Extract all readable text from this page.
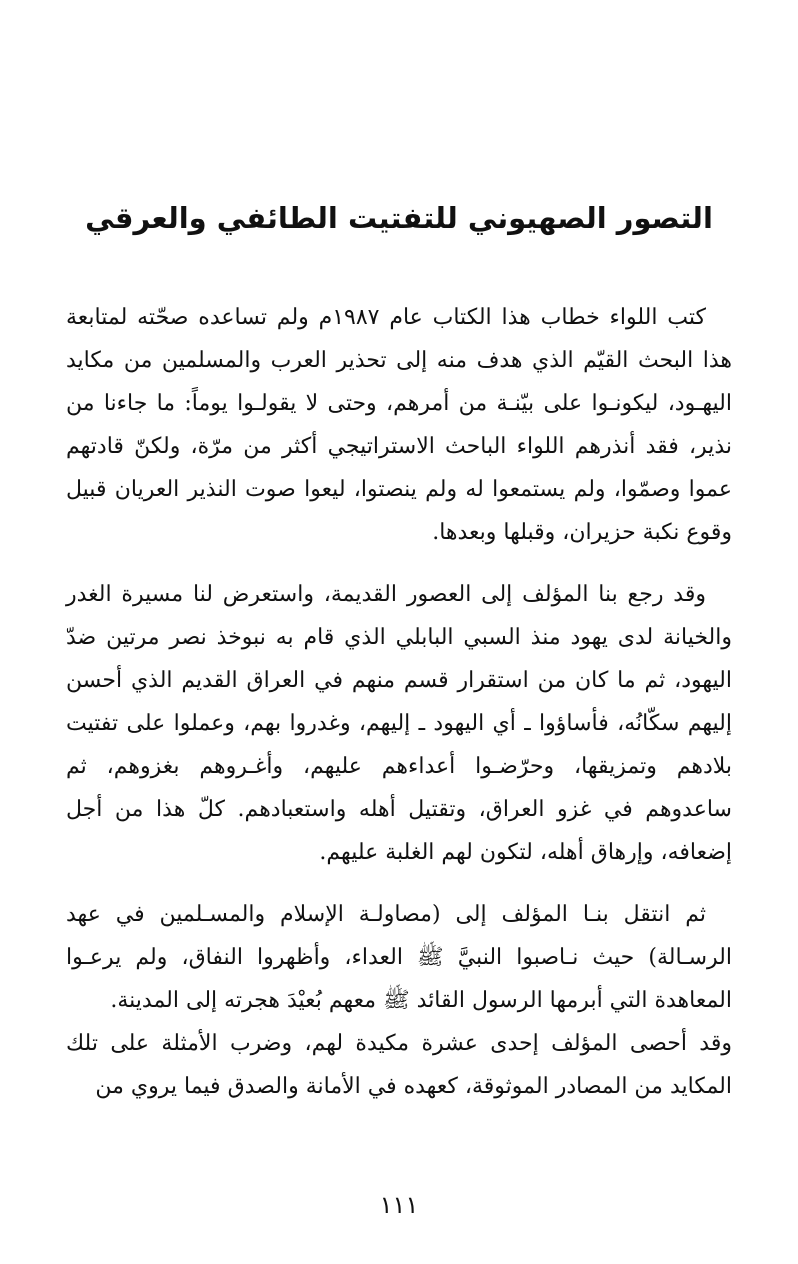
التصور الصهيوني للتفتيت الطائفي والعرقي

كتب اللواء خطاب هذا الكتاب عام ١٩٨٧م ولم تساعده صحّته لمتابعة هذا البحث القيّم الذي هدف منه إلى تحذير العرب والمسلمين من مكايد اليهـود، ليكونـوا على بيّنـة من أمرهم، وحتى لا يقولـوا يوماً: ما جاءنا من نذير، فقد أنذرهم اللواء الباحث الاستراتيجي أكثر من مرّة، ولكنّ قادتهم عموا وصمّوا، ولم يستمعوا له ولم ينصتوا، ليعوا صوت النذير العريان قبيل وقوع نكبة حزيران، وقبلها وبعدها.

وقد رجع بنا المؤلف إلى العصور القديمة، واستعرض لنا مسيرة الغدر والخيانة لدى يهود منذ السبي البابلي الذي قام به نبوخذ نصر مرتين ضدّ اليهود، ثم ما كان من استقرار قسم منهم في العراق القديم الذي أحسن إليهم سكّانُه، فأساؤوا ـ أي اليهود ـ إليهم، وغدروا بهم، وعملوا على تفتيت بلادهم وتمزيقها، وحرّضـوا أعداءهم عليهم، وأغـروهم بغزوهم، ثم ساعدوهم في غزو العراق، وتقتيل أهله واستعبادهم. كلّ هذا من أجل إضعافه، وإرهاق أهله، لتكون لهم الغلبة عليهم.

ثم انتقل بنـا المؤلف إلى (مصاولـة الإسلام والمسـلمين في عهد الرسـالة) حيث نـاصبوا النبيَّ ﷺ العداء، وأظهروا النفاق، ولم يرعـوا المعاهدة التي أبرمها الرسول القائد ﷺ معهم بُعيْدَ هجرته إلى المدينة.

وقد أحصى المؤلف إحدى عشرة مكيدة لهم، وضرب الأمثلة على تلك المكايد من المصادر الموثوقة، كعهده في الأمانة والصدق فيما يروي من

١١١
